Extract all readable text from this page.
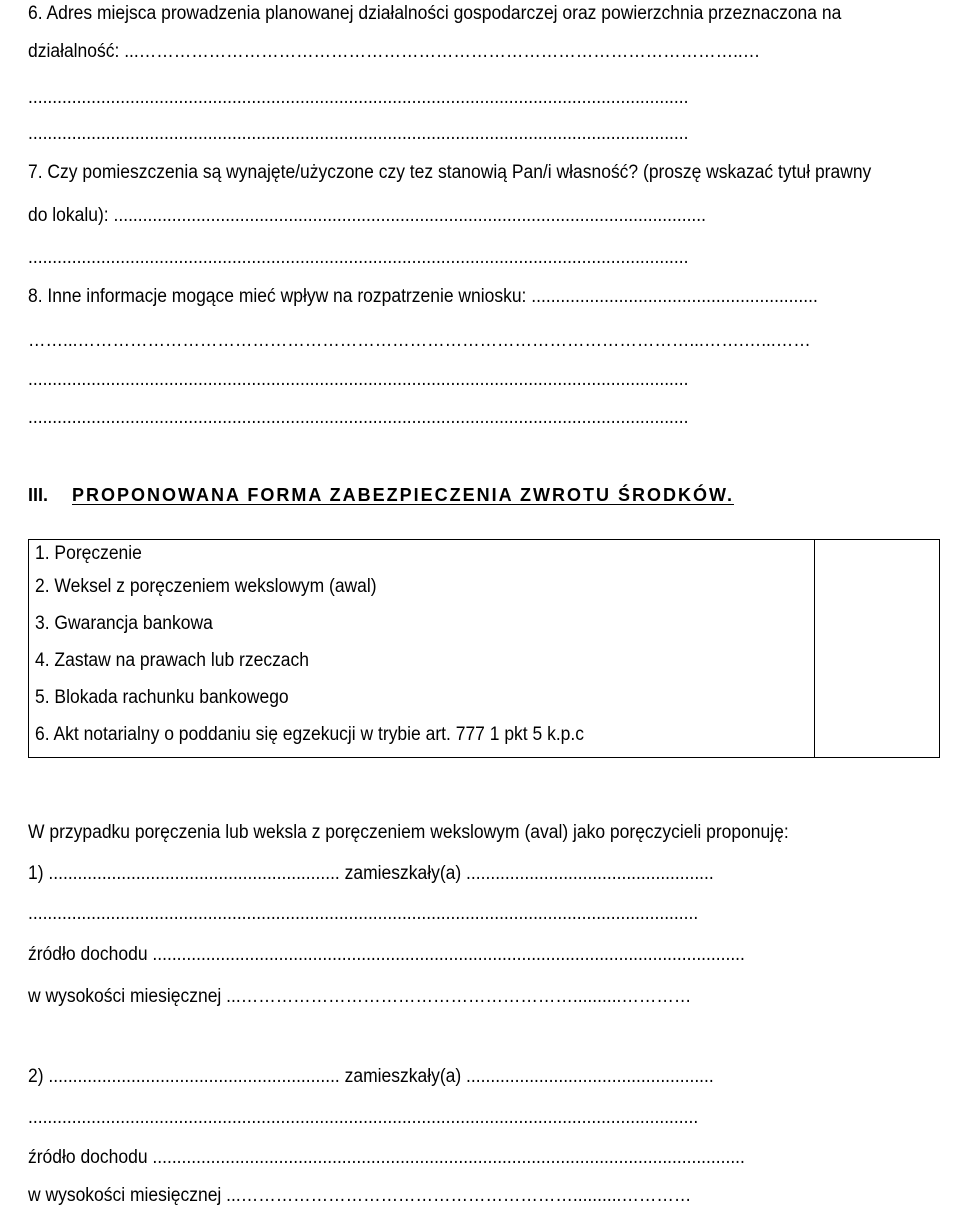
6. Adres miejsca prowadzenia planowanej działalności gospodarczej oraz powierzchnia przeznaczona na
działalność: ...…………………………………………………………………………………………..…
........................................................................................................................................
........................................................................................................................................
7. Czy pomieszczenia są wynajęte/użyczone czy tez stanowią Pan/i własność? (proszę wskazać tytuł prawny
do lokalu): ..........................................................................................................................
........................................................................................................................................
8. Inne informacje mogące mieć wpływ na rozpatrzenie wniosku: ...........................................................
……...……………………………………………………………………………………………...…….…...……
........................................................................................................................................
........................................................................................................................................
III. PROPONOWANA FORMA ZABEZPIECZENIA ZWROTU ŚRODKÓW.
1. Poręczenie
2. Weksel z poręczeniem wekslowym (awal)
3. Gwarancja bankowa
4. Zastaw na prawach lub rzeczach
5. Blokada rachunku bankowego
6. Akt notarialny o poddaniu się egzekucji w trybie art. 777 1 pkt 5 k.p.c

W przypadku poręczenia lub weksla z poręczeniem wekslowym (aval) jako poręczycieli proponuję:
1) ............................................................ zamieszkały(a) ...................................................
..........................................................................................................................................
źródło dochodu ..........................................................................................................................
w wysokości miesięcznej ...…………………………………………………..........…………
2) ............................................................ zamieszkały(a) ...................................................
..........................................................................................................................................
źródło dochodu ..........................................................................................................................
w wysokości miesięcznej ...…………………………………………………..........…………
